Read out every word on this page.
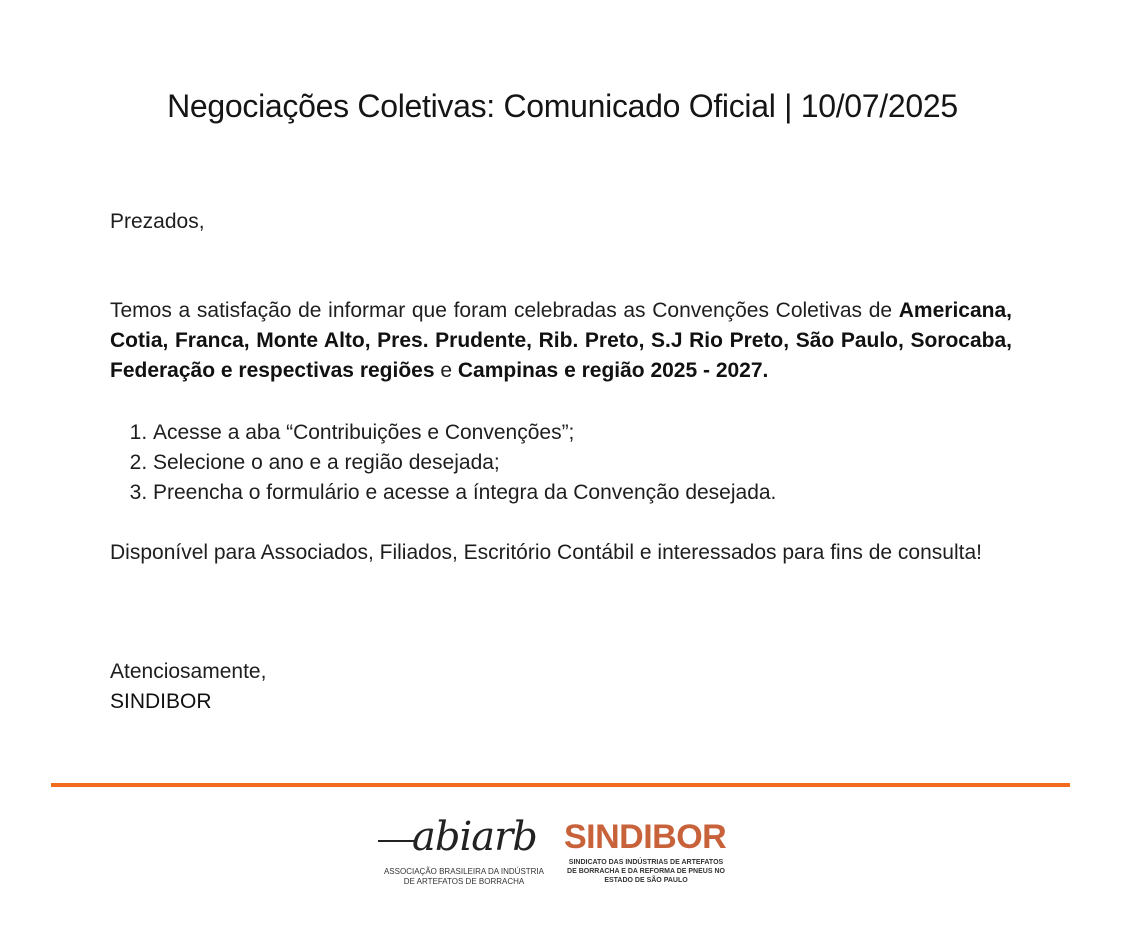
Negociações Coletivas: Comunicado Oficial | 10/07/2025
Prezados,
Temos a satisfação de informar que foram celebradas as Convenções Coletivas de Americana, Cotia, Franca, Monte Alto, Pres. Prudente, Rib. Preto, S.J Rio Preto, São Paulo, Sorocaba, Federação e respectivas regiões e Campinas e região 2025 - 2027.
1. Acesse a aba “Contribuições e Convenções”;
2. Selecione o ano e a região desejada;
3. Preencha o formulário e acesse a íntegra da Convenção desejada.
Disponível para Associados, Filiados, Escritório Contábil e interessados para fins de consulta!
Atenciosamente,
SINDIBOR
abiarb
ASSOCIAÇÃO BRASILEIRA DA INDÚSTRIA
DE ARTEFATOS DE BORRACHA
SINDIBOR
SINDICATO DAS INDÚSTRIAS DE ARTEFATOS
DE BORRACHA E DA REFORMA DE PNEUS NO
ESTADO DE SÃO PAULO
